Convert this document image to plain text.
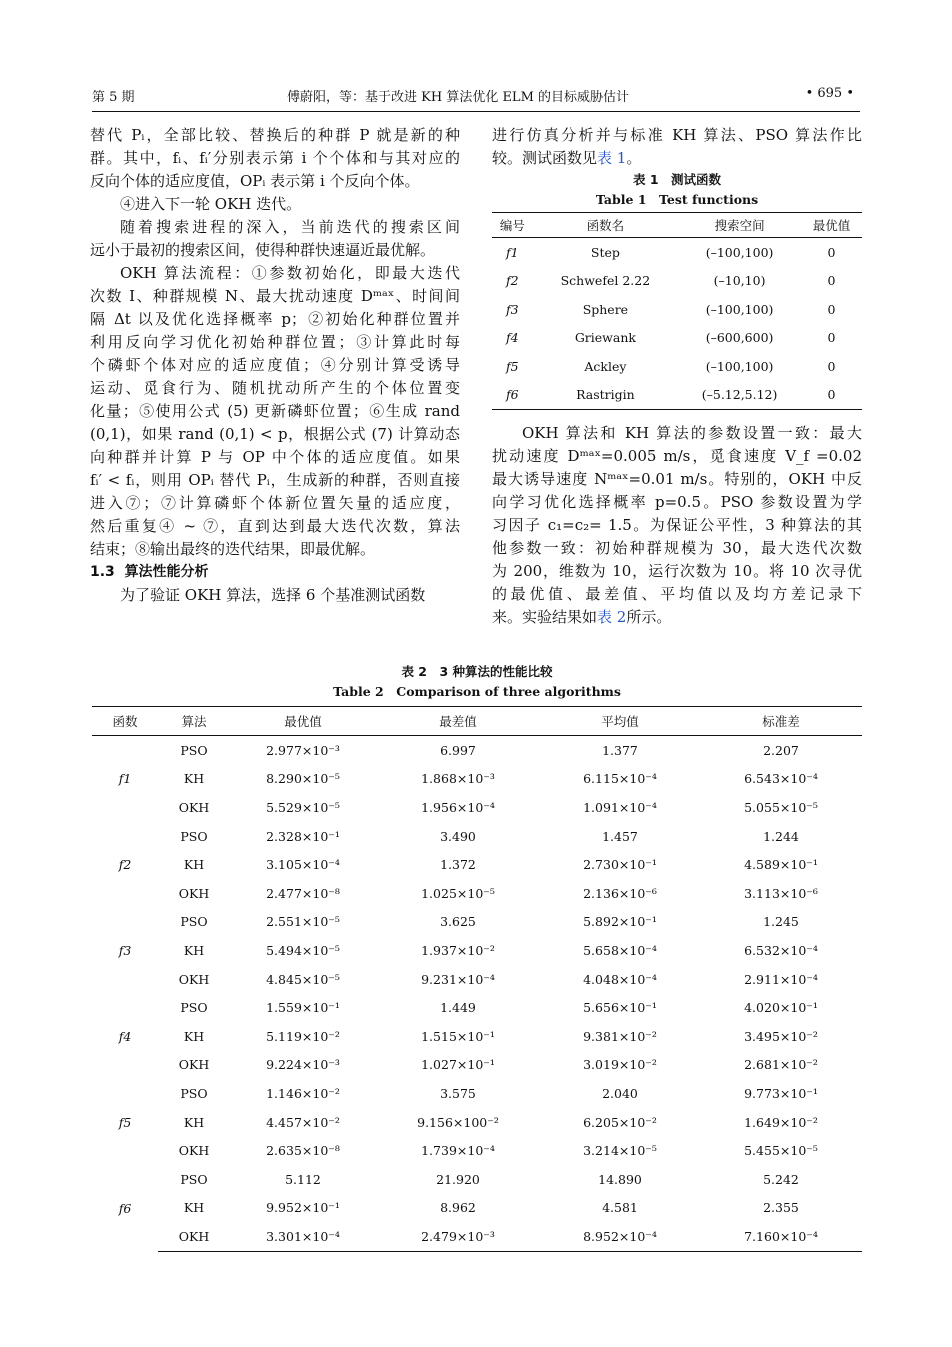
第 5 期	傅蔚阳，等：基于改进 KH 算法优化 ELM 的目标威胁估计	• 695 •
替代 Pᵢ，全部比较、替换后的种群 P 就是新的种
群。其中，fᵢ、fᵢ′分别表示第 i 个个体和与其对应的
反向个体的适应度值，OPᵢ 表示第 i 个反向个体。
④进入下一轮 OKH 迭代。
随着搜索进程的深入，当前迭代的搜索区间
远小于最初的搜索区间，使得种群快速逼近最优解。
OKH 算法流程：①参数初始化，即最大迭代
次数 I、种群规模 N、最大扰动速度 Dᵐᵃˣ、时间间
隔 Δt 以及优化选择概率 p；②初始化种群位置并
利用反向学习优化初始种群位置；③计算此时每
个磷虾个体对应的适应度值；④分别计算受诱导
运动、觅食行为、随机扰动所产生的个体位置变
化量；⑤使用公式 (5) 更新磷虾位置；⑥生成 rand
(0,1)，如果 rand (0,1) < p，根据公式 (7) 计算动态
向种群并计算 P 与 OP 中个体的适应度值。如果
fᵢ′ < fᵢ，则用 OPᵢ 替代 Pᵢ，生成新的种群，否则直接
进入⑦；⑦计算磷虾个体新位置矢量的适应度，
然后重复④ ~ ⑦，直到达到最大迭代次数，算法
结束；⑧输出最终的迭代结果，即最优解。
1.3 算法性能分析
为了验证 OKH 算法，选择 6 个基准测试函数
进行仿真分析并与标准 KH 算法、PSO 算法作比
较。测试函数见表 1。
表 1　测试函数
Table 1　Test functions
编号	函数名	搜索空间	最优值
f1	Step	(–100,100)	0
f2	Schwefel 2.22	(–10,10)	0
f3	Sphere	(–100,100)	0
f4	Griewank	(–600,600)	0
f5	Ackley	(–100,100)	0
f6	Rastrigin	(–5.12,5.12)	0
OKH 算法和 KH 算法的参数设置一致：最大
扰动速度 Dᵐᵃˣ=0.005 m/s，觅食速度 V_f =0.02
最大诱导速度 Nᵐᵃˣ=0.01 m/s。特别的，OKH 中反
向学习优化选择概率 p=0.5。PSO 参数设置为学
习因子 c₁=c₂= 1.5。为保证公平性，3 种算法的其
他参数一致：初始种群规模为 30，最大迭代次数
为 200，维数为 10，运行次数为 10。将 10 次寻优
的最优值、最差值、平均值以及均方差记录下
来。实验结果如表 2所示。
表 2　3 种算法的性能比较
Table 2　Comparison of three algorithms
函数	算法	最优值	最差值	平均值	标准差
f1	PSO	2.977×10⁻³	6.997	1.377	2.207
	KH	8.290×10⁻⁵	1.868×10⁻³	6.115×10⁻⁴	6.543×10⁻⁴
	OKH	5.529×10⁻⁵	1.956×10⁻⁴	1.091×10⁻⁴	5.055×10⁻⁵
f2	PSO	2.328×10⁻¹	3.490	1.457	1.244
	KH	3.105×10⁻⁴	1.372	2.730×10⁻¹	4.589×10⁻¹
	OKH	2.477×10⁻⁸	1.025×10⁻⁵	2.136×10⁻⁶	3.113×10⁻⁶
f3	PSO	2.551×10⁻⁵	3.625	5.892×10⁻¹	1.245
	KH	5.494×10⁻⁵	1.937×10⁻²	5.658×10⁻⁴	6.532×10⁻⁴
	OKH	4.845×10⁻⁵	9.231×10⁻⁴	4.048×10⁻⁴	2.911×10⁻⁴
f4	PSO	1.559×10⁻¹	1.449	5.656×10⁻¹	4.020×10⁻¹
	KH	5.119×10⁻²	1.515×10⁻¹	9.381×10⁻²	3.495×10⁻²
	OKH	9.224×10⁻³	1.027×10⁻¹	3.019×10⁻²	2.681×10⁻²
f5	PSO	1.146×10⁻²	3.575	2.040	9.773×10⁻¹
	KH	4.457×10⁻²	9.156×100⁻²	6.205×10⁻²	1.649×10⁻²
	OKH	2.635×10⁻⁸	1.739×10⁻⁴	3.214×10⁻⁵	5.455×10⁻⁵
f6	PSO	5.112	21.920	14.890	5.242
	KH	9.952×10⁻¹	8.962	4.581	2.355
	OKH	3.301×10⁻⁴	2.479×10⁻³	8.952×10⁻⁴	7.160×10⁻⁴
